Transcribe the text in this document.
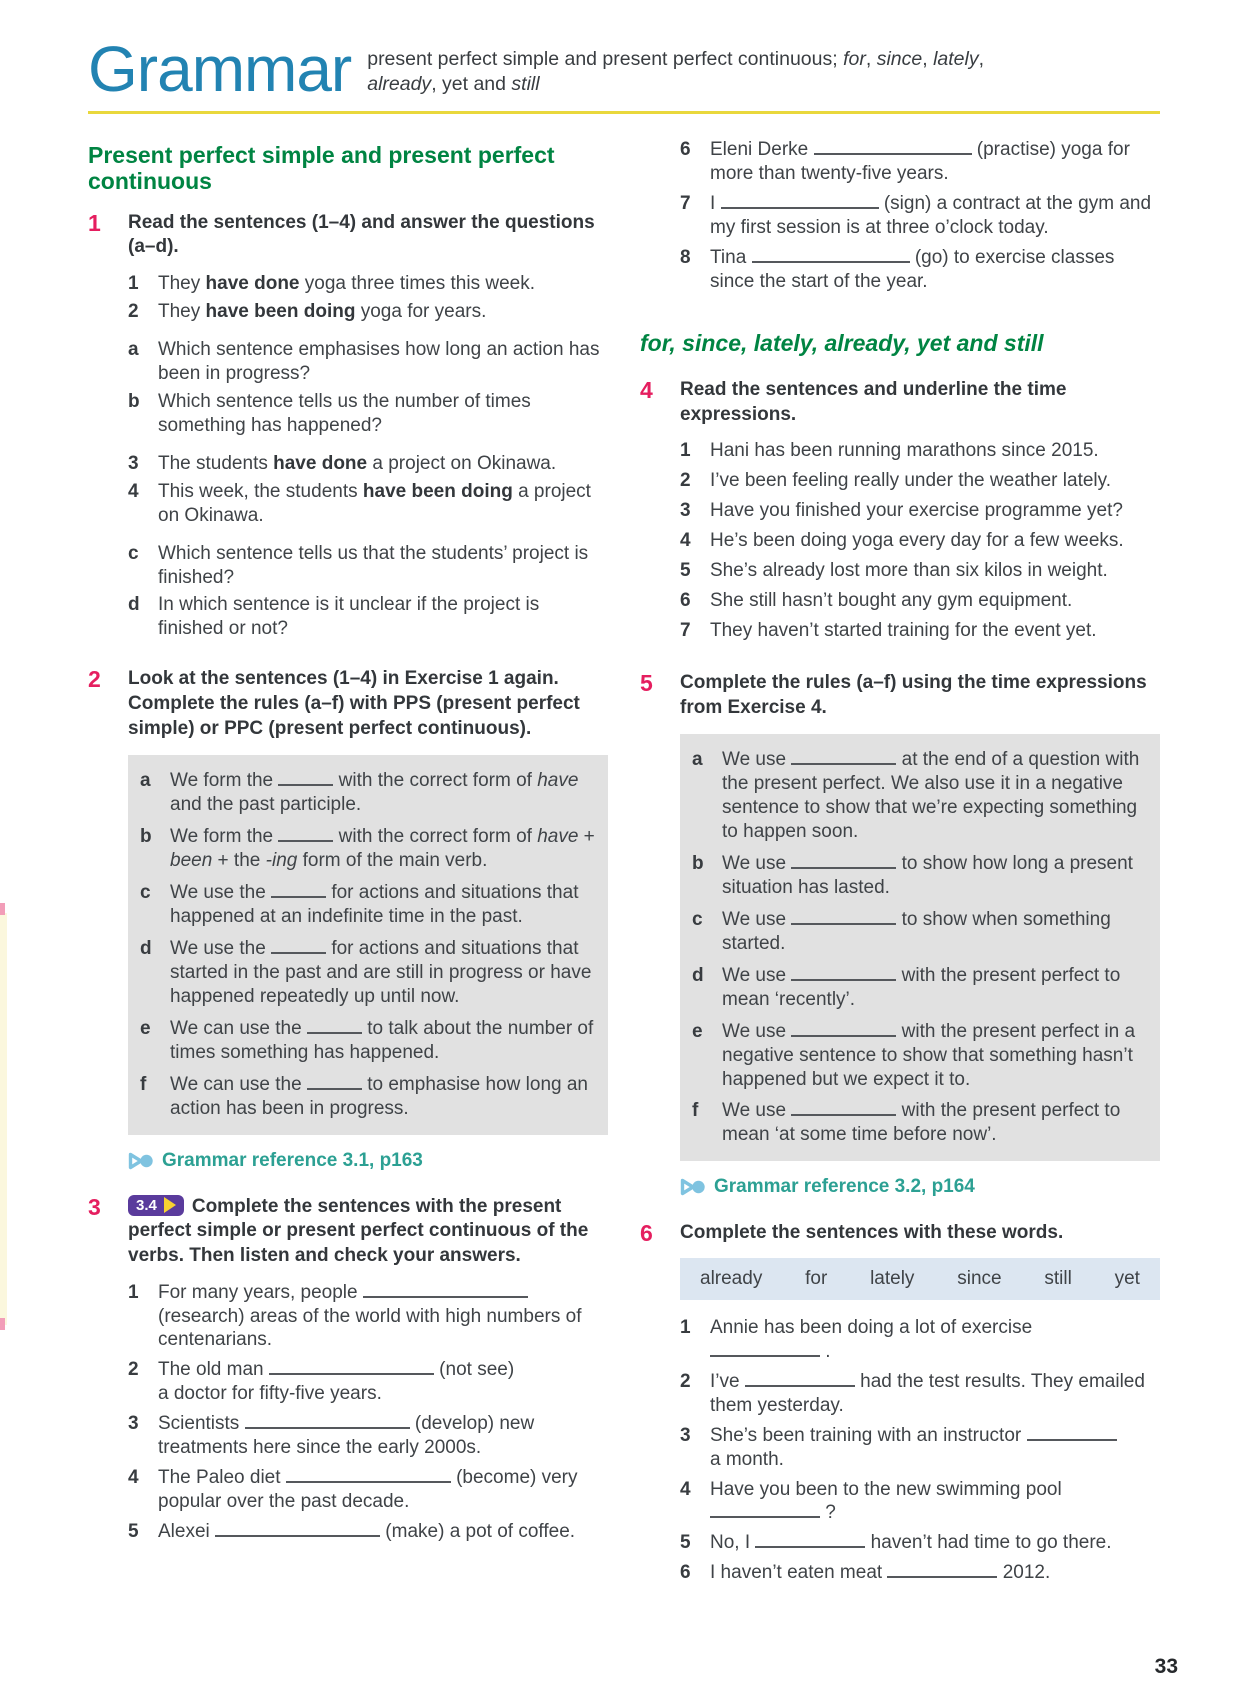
Grammar present perfect simple and present perfect continuous; for, since, lately, already, yet and still

Present perfect simple and present perfect continuous
1	Read the sentences (1–4) and answer the questions (a–d).

1	They have done yoga three times this week.
2	They have been doing yoga for years.
a	Which sentence emphasises how long an action has been in progress?
b Which sentence tells us the number of times something has happened?
3	The students have done a project on Okinawa.
4	This week, the students have been doing a project on Okinawa.
c	Which sentence tells us that the students’ project is finished?
d In which sentence is it unclear if the project is finished or not?
2	Look at the sentences (1–4) in Exercise 1 again. Complete the rules (a–f) with PPS (present perfect simple) or PPC (present perfect continuous).

a	We form the	with the correct form of have and the past participle.
b We form the	with the correct form of have + been + the -ing form of the main verb.
c	We use the	for actions and situations that happened at an indefinite time in the past.
d We use the	for actions and situations that started in the past and are still in progress or have happened repeatedly up until now.
e	We can use the	to talk about the number of times something has happened.
f	We can use the	to emphasise how long an action has been in progress.
Grammar reference 3.1, p163
3	3.4 Complete the sentences with the present perfect simple or present perfect continuous of the verbs. Then listen and check your answers.

1	For many years, people  (research) areas of the world with high numbers of centenarians.
2	The old man	(not see)
a doctor for fifty-five years.
3	Scientists	(develop) new treatments here since the early 2000s.
4	The Paleo diet	(become) very popular over the past decade.
5	Alexei	(make) a pot of coffee.
6	Eleni Derke	(practise) yoga for more than twenty-five years.
7	I	(sign) a contract at the gym and my first session is at three o’clock today.
8	Tina	(go) to exercise classes since the start of the year.
for, since, lately, already, yet and still
4	Read the sentences and underline the time expressions.

1	Hani has been running marathons since 2015.
2	I’ve been feeling really under the weather lately.
3	Have you finished your exercise programme yet?
4	He’s been doing yoga every day for a few weeks.
5	She’s already lost more than six kilos in weight.
6	She still hasn’t bought any gym equipment.
7	They haven’t started training for the event yet.
5	Complete the rules (a–f) using the time expressions from Exercise 4.

a	We use	at the end of a question with the present perfect. We also use it in a negative sentence to show that we’re expecting something to happen soon.
b We use	to show how long a present situation has lasted.
c	We use	to show when something started.
d We use	with the present perfect to mean ‘recently’.
e	We use	with the present perfect in a negative sentence to show that something hasn’t happened but we expect it to.
f	We use	with the present perfect to mean ‘at some time before now’.
Grammar reference 3.2, p164
6	Complete the sentences with these words.

already for lately since still yet
1	Annie has been doing a lot of exercise
.
2	I’ve	had the test results. They emailed them yesterday.
3	She’s been training with an instructor
a month.
4	Have you been to the new swimming pool
?
5	No, I	haven’t had time to go there.
6	I haven’t eaten meat	2012.
33
